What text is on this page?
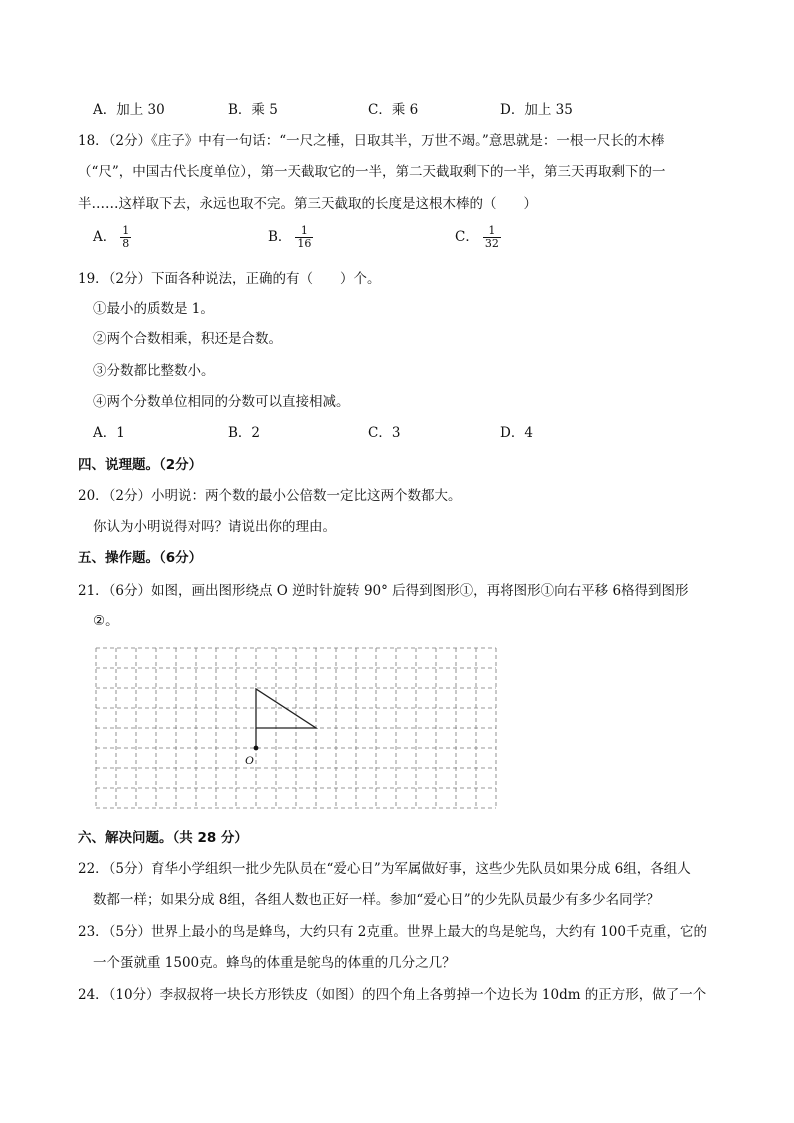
A．加上 30	B．乘 5	C．乘 6	D．加上 35
18．（2分）《庄子》中有一句话：“一尺之棰，日取其半，万世不竭。”意思就是：一根一尺长的木棒
（“尺”，中国古代长度单位），第一天截取它的一半，第二天截取剩下的一半，第三天再取剩下的一
半……这样取下去，永远也取不完。第三天截取的长度是这根木棒的（　　）
A． $\frac{1}{8}$	B． $\frac{1}{16}$	C． $\frac{1}{32}$
19．（2分）下面各种说法，正确的有（　　）个。
①最小的质数是 1。
②两个合数相乘，积还是合数。
③分数都比整数小。
④两个分数单位相同的分数可以直接相减。
A．1	B．2	C．3	D．4
四、说理题。（2分）
20．（2分）小明说：两个数的最小公倍数一定比这两个数都大。
你认为小明说得对吗？请说出你的理由。
五、操作题。（6分）
21．（6分）如图，画出图形绕点 O 逆时针旋转 90° 后得到图形①，再将图形①向右平移 6格得到图形
②。
O
六、解决问题。（共 28 分）
22．（5分）育华小学组织一批少先队员在“爱心日”为军属做好事，这些少先队员如果分成 6组，各组人
数都一样；如果分成 8组，各组人数也正好一样。参加“爱心日”的少先队员最少有多少名同学？
23．（5分）世界上最小的鸟是蜂鸟，大约只有 2克重。世界上最大的鸟是鸵鸟，大约有 100千克重，它的
一个蛋就重 1500克。蜂鸟的体重是鸵鸟的体重的几分之几？
24．（10分）李叔叔将一块长方形铁皮（如图）的四个角上各剪掉一个边长为 10dm 的正方形，做了一个
